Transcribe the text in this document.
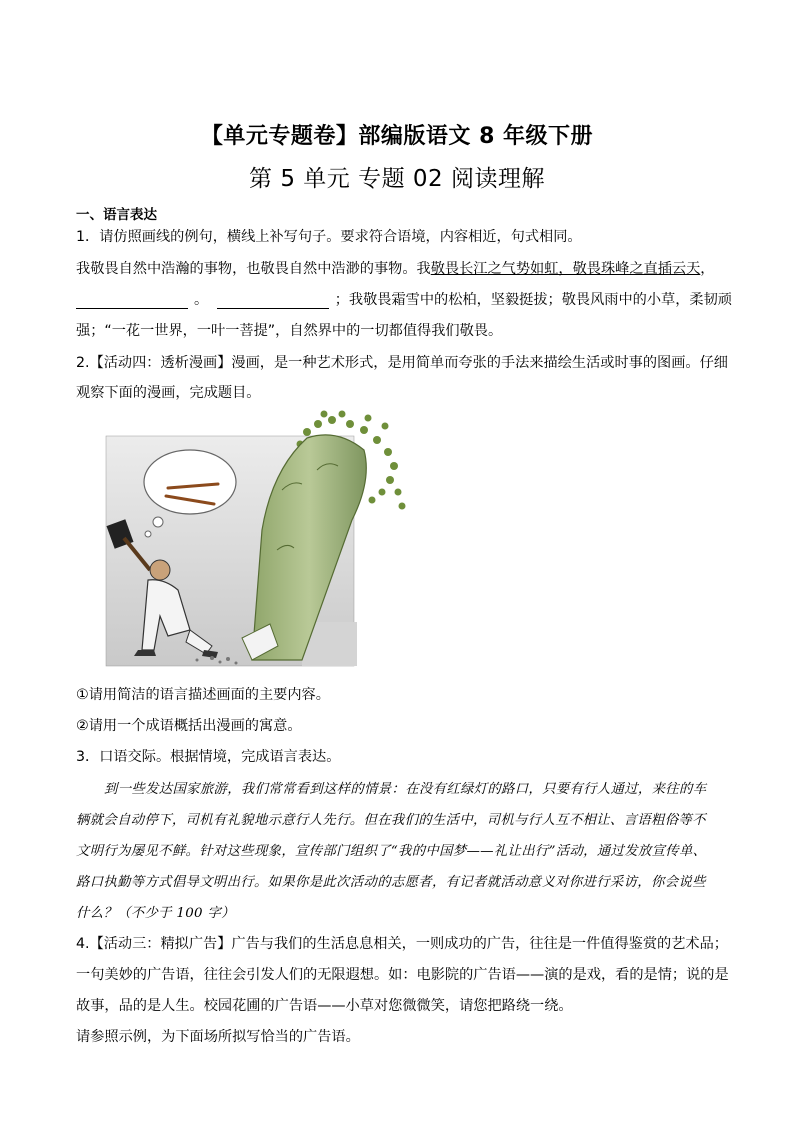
【单元专题卷】部编版语文 8 年级下册
第 5 单元 专题 02 阅读理解
一、语言表达
1．请仿照画线的例句，横线上补写句子。要求符合语境，内容相近，句式相同。
我敬畏自然中浩瀚的事物，也敬畏自然中浩渺的事物。我敬畏长江之气势如虹，敬畏珠峰之直插云天，
。	；我敬畏霜雪中的松柏，坚毅挺拔；敬畏风雨中的小草，柔韧顽
强；“一花一世界，一叶一菩提”，自然界中的一切都值得我们敬畏。
2.【活动四：透析漫画】漫画，是一种艺术形式，是用简单而夸张的手法来描绘生活或时事的图画。仔细
观察下面的漫画，完成题目。
①请用简洁的语言描述画面的主要内容。
②请用一个成语概括出漫画的寓意。
3．口语交际。根据情境，完成语言表达。
到一些发达国家旅游，我们常常看到这样的情景：在没有红绿灯的路口，只要有行人通过，来往的车
辆就会自动停下，司机有礼貌地示意行人先行。但在我们的生活中，司机与行人互不相让、言语粗俗等不
文明行为屡见不鲜。针对这些现象，宣传部门组织了“我的中国梦——礼让出行”活动，通过发放宣传单、
路口执勤等方式倡导文明出行。如果你是此次活动的志愿者，有记者就活动意义对你进行采访，你会说些
什么？（不少于 100 字）
4.【活动三：精拟广告】广告与我们的生活息息相关，一则成功的广告，往往是一件值得鉴赏的艺术品；
一句美妙的广告语，往往会引发人们的无限遐想。如：电影院的广告语——演的是戏，看的是情；说的是
故事，品的是人生。校园花圃的广告语——小草对您微微笑，请您把路绕一绕。
请参照示例，为下面场所拟写恰当的广告语。
